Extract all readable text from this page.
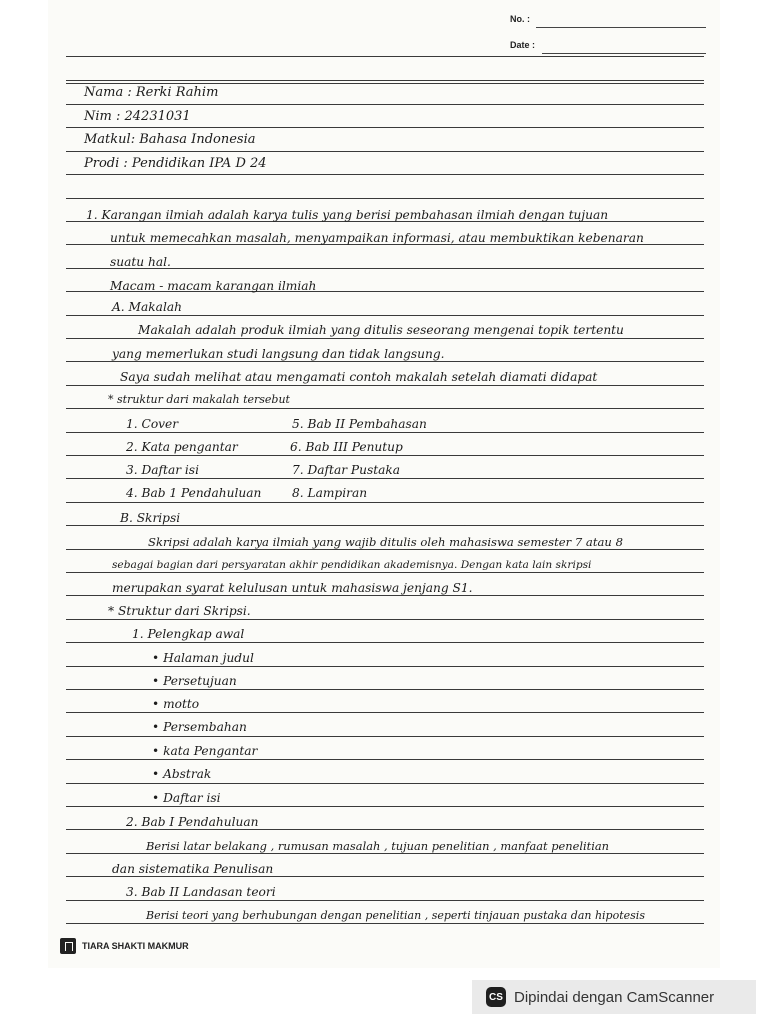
No. :
Date :
Nama : Rerki Rahim
Nim : 24231031
Matkul: Bahasa Indonesia
Prodi : Pendidikan IPA D 24
1. Karangan ilmiah adalah karya tulis yang berisi pembahasan ilmiah dengan tujuan
untuk memecahkan masalah, menyampaikan informasi, atau membuktikan kebenaran
suatu hal.
Macam - macam karangan ilmiah
A. Makalah
Makalah adalah produk ilmiah yang ditulis seseorang mengenai topik tertentu
yang memerlukan studi langsung dan tidak langsung.
Saya sudah melihat atau mengamati contoh makalah setelah diamati didapat
* struktur dari makalah tersebut
1. Cover
2. Kata pengantar
3. Daftar isi
4. Bab 1 Pendahuluan
5. Bab II Pembahasan
6. Bab III Penutup
7. Daftar Pustaka
8. Lampiran
B. Skripsi
Skripsi adalah karya ilmiah yang wajib ditulis oleh mahasiswa semester 7 atau 8
sebagai bagian dari persyaratan akhir pendidikan akademisnya. Dengan kata lain skripsi
merupakan syarat kelulusan untuk mahasiswa jenjang S1.
* Struktur dari Skripsi.
1. Pelengkap awal
• Halaman judul
• Persetujuan
• motto
• Persembahan
• kata Pengantar
• Abstrak
• Daftar isi
2. Bab I Pendahuluan
Berisi latar belakang , rumusan masalah , tujuan penelitian , manfaat penelitian
dan sistematika Penulisan
3. Bab II Landasan teori
Berisi teori yang berhubungan dengan penelitian , seperti tinjauan pustaka dan hipotesis
TIARA SHAKTI MAKMUR
CS Dipindai dengan CamScanner
